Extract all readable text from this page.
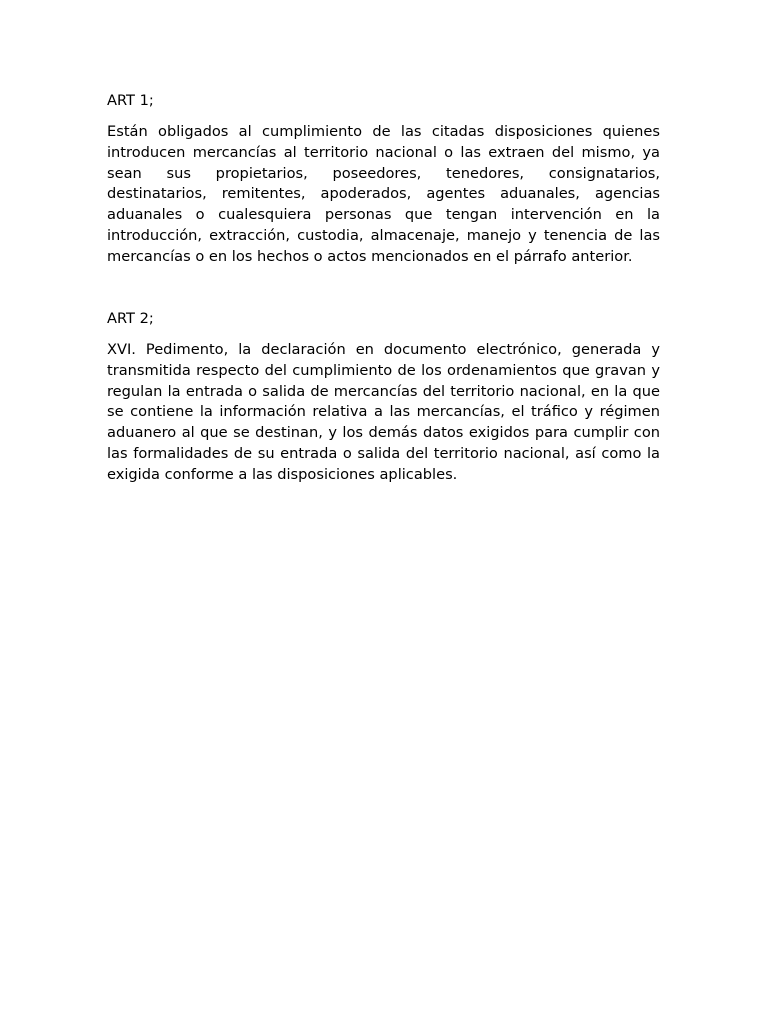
ART 1;

Están obligados al cumplimiento de las citadas disposiciones quienes introducen mercancías al territorio nacional o las extraen del mismo, ya sean sus propietarios, poseedores, tenedores, consignatarios, destinatarios, remitentes, apoderados, agentes aduanales, agencias aduanales o cualesquiera personas que tengan intervención en la introducción, extracción, custodia, almacenaje, manejo y tenencia de las mercancías o en los hechos o actos mencionados en el párrafo anterior.

ART 2;

XVI. Pedimento, la declaración en documento electrónico, generada y transmitida respecto del cumplimiento de los ordenamientos que gravan y regulan la entrada o salida de mercancías del territorio nacional, en la que se contiene la información relativa a las mercancías, el tráfico y régimen aduanero al que se destinan, y los demás datos exigidos para cumplir con las formalidades de su entrada o salida del territorio nacional, así como la exigida conforme a las disposiciones aplicables.
